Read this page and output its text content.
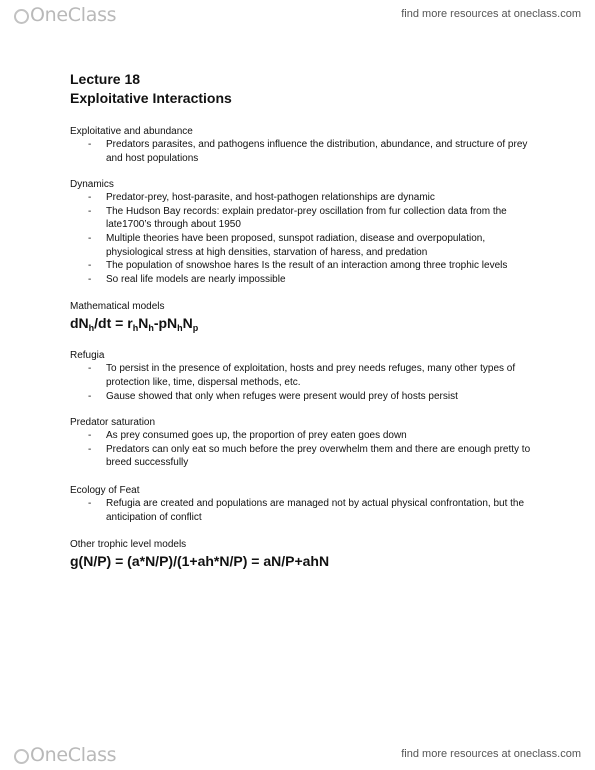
OneClass	find more resources at oneclass.com

Lecture 18

Exploitative Interactions

Exploitative and abundance

- Predators parasites, and pathogens influence the distribution, abundance, and structure of prey and host populations

Dynamics

- Predator-prey, host-parasite, and host-pathogen relationships are dynamic
- The Hudson Bay records: explain predator-prey oscillation from fur collection data from the late1700’s through about 1950
- Multiple theories have been proposed, sunspot radiation, disease and overpopulation, physiological stress at high densities, starvation of haress, and predation
- The population of snowshoe hares Is the result of an interaction among three trophic levels
- So real life models are nearly impossible

Mathematical models

$dN_h/dt = r_hN_h-pN_hN_p$

Refugia

- To persist in the presence of exploitation, hosts and prey needs refuges, many other types of protection like, time, dispersal methods, etc.
- Gause showed that only when refuges were present would prey of hosts persist

Predator saturation

- As prey consumed goes up, the proportion of prey eaten goes down
- Predators can only eat so much before the prey overwhelm them and there are enough pretty to breed successfully

Ecology of Feat

- Refugia are created and populations are managed not by actual physical confrontation, but the anticipation of conflict

Other trophic level models

g(N/P) = (a*N/P)/(1+ah*N/P) = aN/P+ahN

OneClass	find more resources at oneclass.com
